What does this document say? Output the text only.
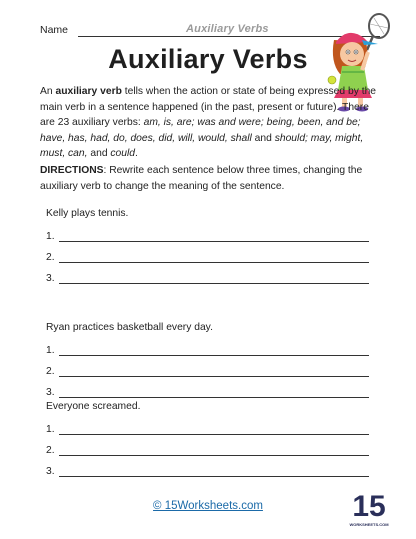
Name	Auxiliary Verbs
Auxiliary Verbs
An auxiliary verb tells when the action or state of being expressed by the main verb in a sentence happened (in the past, present or future). There are 23 auxiliary verbs: am, is, are; was and were; being, been, and be; have, has, had, do, does, did, will, would, shall and should; may, might, must, can, and could.
DIRECTIONS: Rewrite each sentence below three times, changing the auxiliary verb to change the meaning of the sentence.
Kelly plays tennis.
1.
2.
3.
Ryan practices basketball every day.
1.
2.
3.
Everyone screamed.
1.
2.
3.
© 15Worksheets.com	15
WORKSHEETS.COM
